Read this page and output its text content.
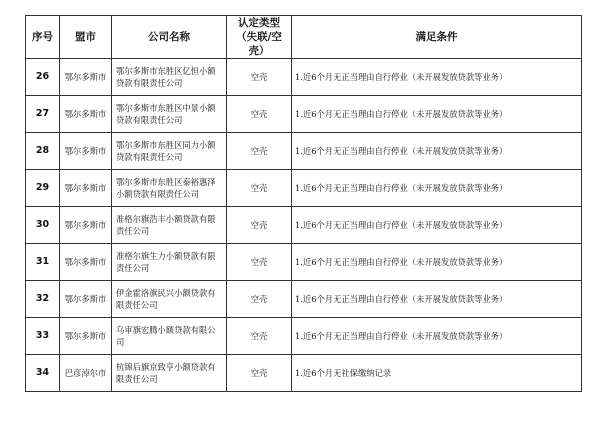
序号	盟市	公司名称	认定类型（失联/空壳）	满足条件
26	鄂尔多斯市	鄂尔多斯市东胜区亿恒小额贷款有限责任公司	空壳	1.近6个月无正当理由自行停业（未开展发放贷款等业务）
27	鄂尔多斯市	鄂尔多斯市东胜区中景小额贷款有限责任公司	空壳	1.近6个月无正当理由自行停业（未开展发放贷款等业务）
28	鄂尔多斯市	鄂尔多斯市东胜区同力小额贷款有限责任公司	空壳	1.近6个月无正当理由自行停业（未开展发放贷款等业务）
29	鄂尔多斯市	鄂尔多斯市东胜区泰裕惠泽小额贷款有限责任公司	空壳	1.近6个月无正当理由自行停业（未开展发放贷款等业务）
30	鄂尔多斯市	准格尔旗浩丰小额贷款有限责任公司	空壳	1.近6个月无正当理由自行停业（未开展发放贷款等业务）
31	鄂尔多斯市	准格尔旗生力小额贷款有限责任公司	空壳	1.近6个月无正当理由自行停业（未开展发放贷款等业务）
32	鄂尔多斯市	伊金霍洛旗民兴小额贷款有限责任公司	空壳	1.近6个月无正当理由自行停业（未开展发放贷款等业务）
33	鄂尔多斯市	乌审旗宏腾小额贷款有限公司	空壳	1.近6个月无正当理由自行停业（未开展发放贷款等业务）
34	巴彦淖尔市	杭锦后旗京致亨小额贷款有限责任公司	空壳	1.近6个月无社保缴纳记录
